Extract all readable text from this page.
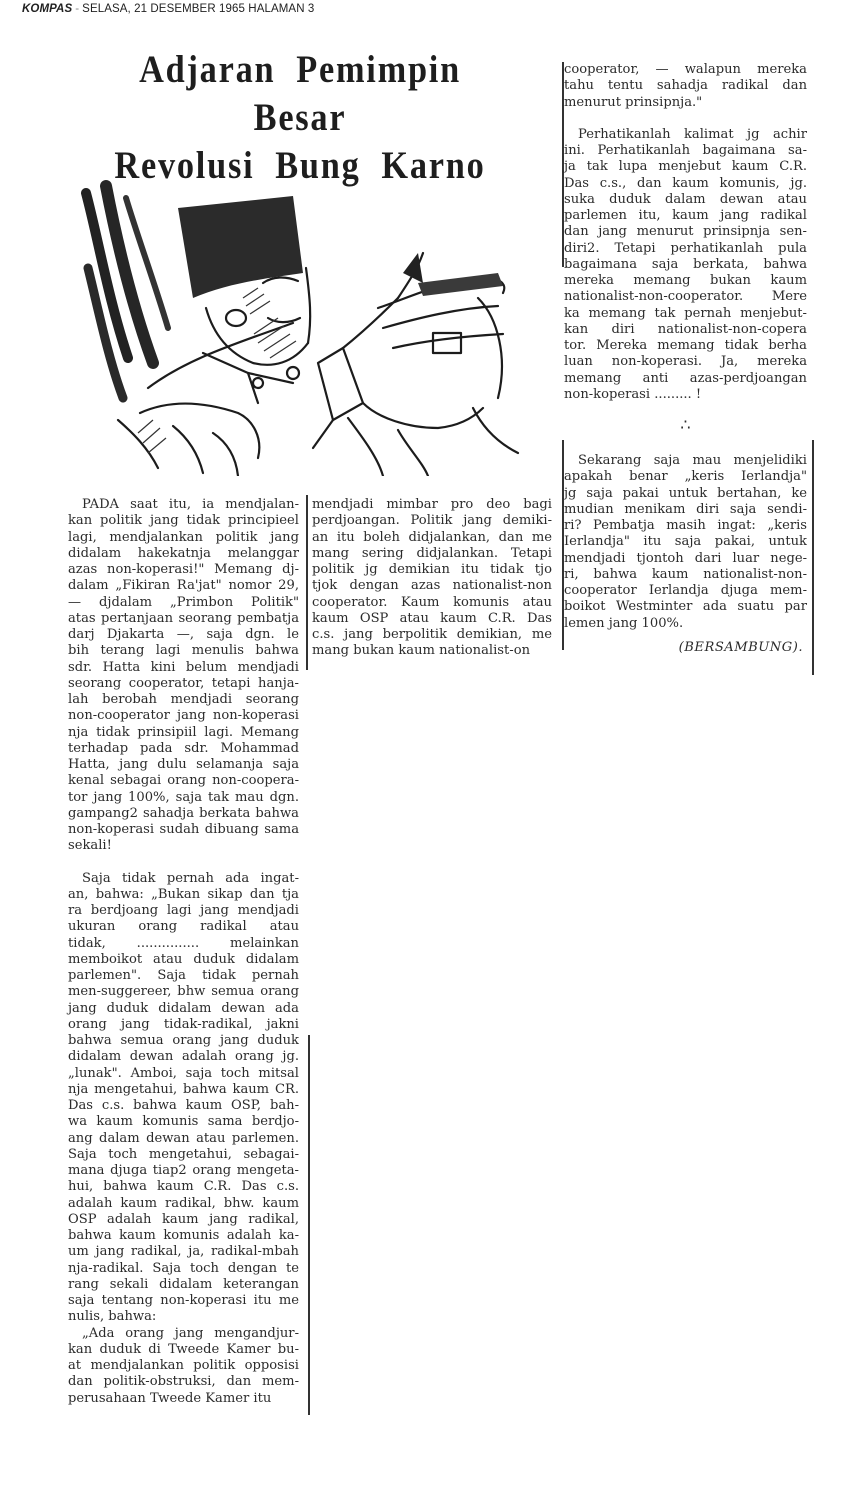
KOMPAS - SELASA, 21 DESEMBER 1965 HALAMAN 3
Adjaran Pemimpin Besar
Revolusi Bung Karno
PADA saat itu, ia mendjalan-
kan politik jang tidak principieel
lagi, mendjalankan politik jang
didalam hakekatnja melanggar
azas non-koperasi!" Memang dj-
dalam „Fikiran Ra'jat" nomor 29,
— djdalam „Primbon Politik"
atas pertanjaan seorang pembatja
darj Djakarta —, saja dgn. le
bih terang lagi menulis bahwa
sdr. Hatta kini belum mendjadi
seorang cooperator, tetapi hanja-
lah berobah mendjadi seorang
non-cooperator jang non-koperasi
nja tidak prinsipiil lagi. Memang
terhadap pada sdr. Mohammad
Hatta, jang dulu selamanja saja
kenal sebagai orang non-coopera-
tor jang 100%, saja tak mau dgn.
gampang2 sahadja berkata bahwa
non-koperasi sudah dibuang sama
sekali!
Saja tidak pernah ada ingat-
an, bahwa: „Bukan sikap dan tja
ra berdjoang lagi jang mendjadi
ukuran orang radikal atau
tidak, ............... melainkan
memboikot atau duduk didalam
parlemen". Saja tidak pernah
men-suggereer, bhw semua orang
jang duduk didalam dewan ada
orang jang tidak-radikal, jakni
bahwa semua orang jang duduk
didalam dewan adalah orang jg.
„lunak". Amboi, saja toch mitsal
nja mengetahui, bahwa kaum CR.
Das c.s. bahwa kaum OSP, bah-
wa kaum komunis sama berdjo-
ang dalam dewan atau parlemen.
Saja toch mengetahui, sebagai-
mana djuga tiap2 orang mengeta-
hui, bahwa kaum C.R. Das c.s.
adalah kaum radikal, bhw. kaum
OSP adalah kaum jang radikal,
bahwa kaum komunis adalah ka-
um jang radikal, ja, radikal-mbah
nja-radikal. Saja toch dengan te
rang sekali didalam keterangan
saja tentang non-koperasi itu me
nulis, bahwa:
„Ada orang jang mengandjur-
kan duduk di Tweede Kamer bu-
at mendjalankan politik opposisi
dan politik-obstruksi, dan mem-
perusahaan Tweede Kamer itu
mendjadi mimbar pro deo bagi
perdjoangan. Politik jang demiki-
an itu boleh didjalankan, dan me
mang sering didjalankan. Tetapi
politik jg demikian itu tidak tjo
tjok dengan azas nationalist-non
cooperator. Kaum komunis atau
kaum OSP atau kaum C.R. Das
c.s. jang berpolitik demikian, me
mang bukan kaum nationalist-on
cooperator, — walapun mereka
tahu tentu sahadja radikal dan
menurut prinsipnja."
Perhatikanlah kalimat jg achir
ini. Perhatikanlah bagaimana sa-
ja tak lupa menjebut kaum C.R.
Das c.s., dan kaum komunis, jg.
suka duduk dalam dewan atau
parlemen itu, kaum jang radikal
dan jang menurut prinsipnja sen-
diri2. Tetapi perhatikanlah pula
bagaimana saja berkata, bahwa
mereka memang bukan kaum
nationalist-non-cooperator. Mere
ka memang tak pernah menjebut-
kan diri nationalist-non-copera
tor. Mereka memang tidak berha
luan non-koperasi. Ja, mereka
memang anti azas-perdjoangan
non-koperasi ......... !
∴
Sekarang saja mau menjelidiki
apakah benar „keris Ierlandja"
jg saja pakai untuk bertahan, ke
mudian menikam diri saja sendi-
ri? Pembatja masih ingat: „keris
Ierlandja" itu saja pakai, untuk
mendjadi tjontoh dari luar nege-
ri, bahwa kaum nationalist-non-
cooperator Ierlandja djuga mem-
boikot Westminter ada suatu par
lemen jang 100%.
(BERSAMBUNG).
